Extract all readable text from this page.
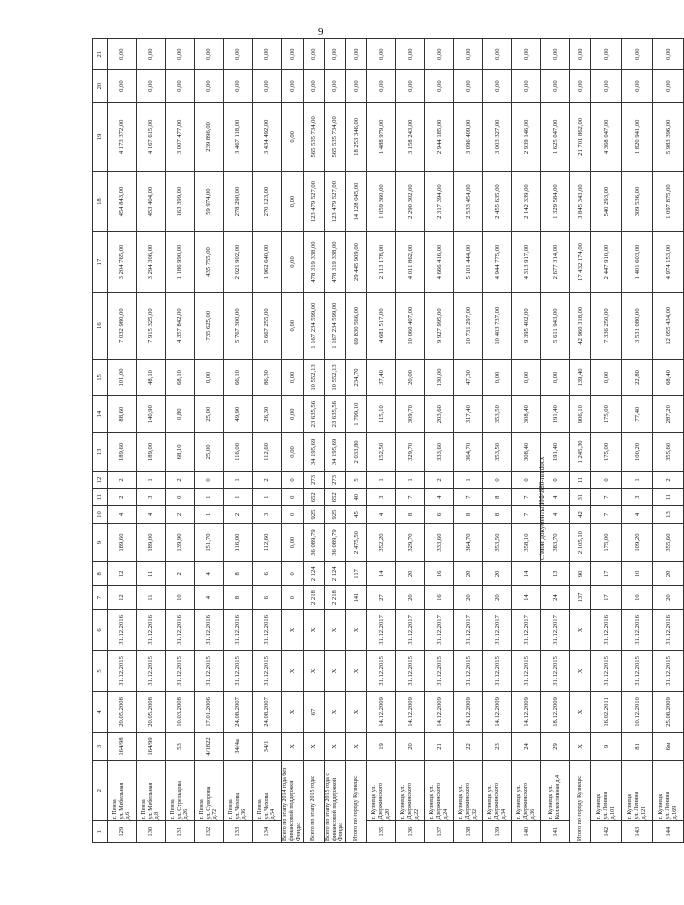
9
1	2	3	4	5	6	7	8	9	10	11	12	13	14	15	16	17	18	19	20	21
129	г. Пенза
ул. Мебельная
д.6	164/98	20.05.2008	31.12.2015	31.12.2016	12	12	189,60	4	2	2	189,60	88,60	101,00	7 032 980,00	3 204 765,00	454 843,00	4 173 372,00	0,00	0,00
130	г. Пенза
ул. Мебельная
д.8	164/99	20.05.2008	31.12.2015	31.12.2016	11	11	189,00	4	3	1	189,00	140,90	48,10	7 915 325,00	3 294 306,00	453 404,00	4 167 615,00	0,00	0,00
131	г. Пенза
ул. Стрельцова
д.26	53	10.03.2008	31.12.2015	31.12.2016	10	2	139,90	2	0	2	68,10	0,80	68,10	4 357 842,00	1 186 990,00	163 399,00	3 007 477,00	0,00	0,00
132	г. Пенза
ул. Суворова
д.72	4/1822	17.01.2006	31.12.2015	31.12.2016	4	4	151,70	1	1	0	25,00	25,00	0,00	735 625,00	435 755,00	59 974,00	239 896,00	0,00	0,00
133	г. Пенза
ул. Чехова
д.36	34/4а	24.08.2007	31.12.2015	31.12.2016	8	8	116,00	2	1	1	116,00	49,90	66,10	5 767 300,00	2 021 902,00	278 290,00	3 467 118,00	0,00	0,00
134	г. Пенза
ул. Чехова
д.54	34/1	24.08.2007	31.12.2015	31.12.2016	6	6	112,60	3	1	2	112,60	26,30	86,30	5 667 255,00	1 962 640,00	270 123,00	3 434 492,00	0,00	0,00
Всего по этапу 2014 года без финансовой поддержки Фонда:		X	X	X	X	0	0	0,00	0	0	0	0,00	0,00	0,00	0,00	0,00	0,00	0,00	0,00	0,00
Всего по этапу 2015 года:		X	67	X	X	2 218	2 124	36 089,79	925	652	273	34 195,69	23 635,56	10 552,13	1 167 234 599,00	478 319 338,00	123 479 527,00	565 535 734,00	0,00	0,00
Всего по этапу 2015 года с финансовой поддержкой Фонда:		X	X	X	X	2 218	2 124	36 089,79	925	652	273	34 195,69	23 635,56	10 552,13	1 167 234 599,00	478 319 338,00	123 479 527,00	565 535 734,00	0,00	0,00
Итого по городу Кузнецк:		X	X	X	X	141	117	2 475,50	45	40	5	2 033,80	1 799,10	234,70	69 830 566,00	29 445 909,00	14 128 045,00	18 253 346,00	0,00	0,00
135	г. Кузнецк ул.
Дзержинского
д.20	19	14.12.2009	31.12.2015	31.12.2017	27	14	352,20	4	3	1	152,50	115,10	37,40	4 681 517,00	2 113 178,00	1 059 360,00	1 488 979,00	0,00	0,00
136	г. Кузнецк ул.
Дзержинского
д.22	20	14.12.2009	31.12.2015	31.12.2017	20	20	329,70	8	7	1	329,70	309,70	20,00	10 060 407,00	4 011 862,00	2 290 302,00	3 158 243,00	0,00	0,00
137	г. Кузнецк ул.
Дзержинского
д.24	21	14.12.2009	31.12.2015	31.12.2017	16	16	333,60	6	4	2	333,60	203,60	130,00	9 927 995,00	4 666 416,00	2 317 394,00	2 944 185,00	0,00	0,00
138	г. Кузнецк ул.
Дзержинского
д.32	22	14.12.2009	31.12.2015	31.12.2017	20	20	364,70	8	7	1	364,70	317,40	47,30	10 731 297,00	5 101 444,00	2 533 454,00	3 096 409,00	0,00	0,00
139	г. Кузнецк ул.
Дзержинского
д.34	23	14.12.2009	31.12.2015	31.12.2017	20	20	353,50	8	8	0	353,50	353,50	0,00	10 403 737,00	4 944 775,00	2 455 635,00	3 003 327,00	0,00	0,00
140	г. Кузнецк ул.
Дзержинского
д.36	24	14.12.2009	31.12.2015	31.12.2017	14	14	358,10	7	7	0	308,40	308,40	0,00	9 395 402,00	4 313 917,00	2 142 339,00	2 939 146,00	0,00	0,00
141	г. Кузнецк ул.
Коллективная д.4	29	18.12.2009	31.12.2015	31.12.2017	24	13	383,70	4	4	0	191,40	191,40	0,00	5 611 943,00	2 677 314,00	1 329 584,00	1 625 047,00	0,00	0,00
Итого по городу Кузнецк:		X	X	X	X	137	90	2 105,10	42	31	11	1 245,30	906,10	139,40	42 960 318,00	17 432 174,00	3 845 343,00	21 701 862,00	0,00	0,00
142	г. Кузнецк
ул. Ленина
д.101	9	16.02.2011	31.12.2015	31.12.2016	17	17	175,00	7	7	0	175,00	175,00	0,00	7 336 250,00	2 447 910,00	540 293,00	4 368 047,00	0,00	0,00
143	г. Кузнецк
ул. Ленина
д.121	81	10.12.2010	31.12.2015	31.12.2016	10	10	109,20	4	3	1	100,20	77,40	22,80	3 531 080,00	1 401 603,00	309 536,00	1 820 941,00	0,00	0,00
144	г. Кузнецк
ул. Ленина
д.169	6м	25.08.2009	31.12.2015	31.12.2016	20	20	355,60	13	11	2	355,60	287,20	68,40	12 055 434,00	4 974 153,00	1 097 875,00	5 983 396,00	0,00	0,00
c:\мои документы\ИФ\880-пп.docx
